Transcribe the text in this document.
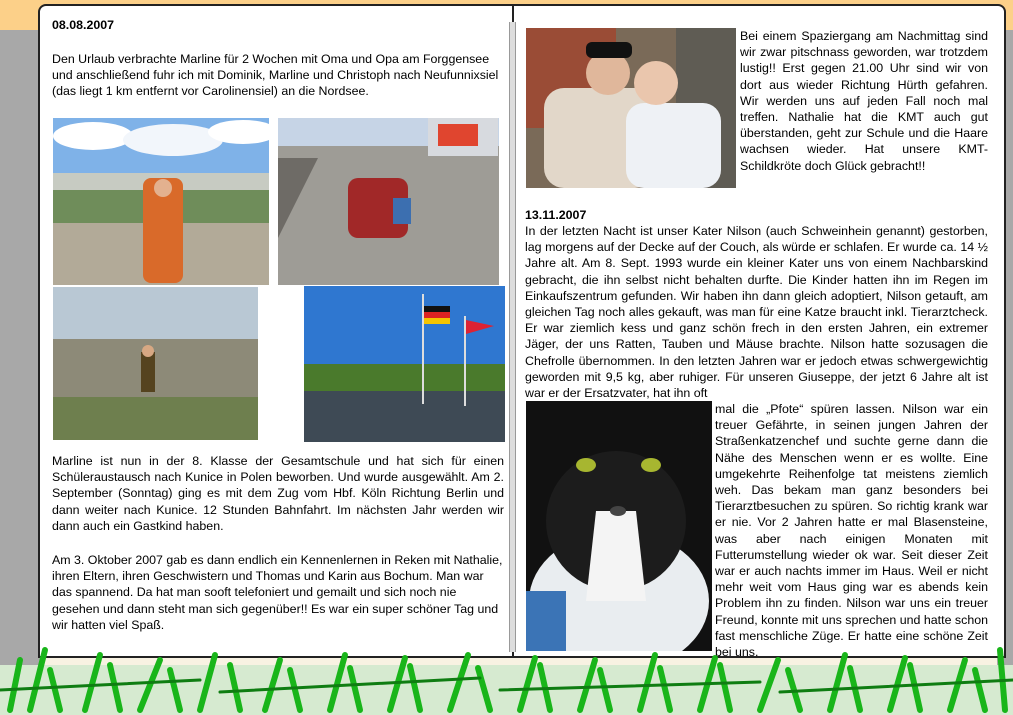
08.08.2007
Den Urlaub verbrachte Marline für 2 Wochen mit Oma und Opa am Forggensee und anschließend fuhr ich mit Dominik, Marline und Christoph nach Neufunnixsiel (das liegt 1 km entfernt vor Carolinensiel) an die Nordsee.
Marline ist nun in der 8. Klasse der Gesamtschule und hat sich für einen Schüleraustausch nach Kunice in Polen beworben. Und wurde ausgewählt. Am 2. September (Sonntag) ging es mit dem Zug vom Hbf. Köln Richtung Berlin und dann weiter nach Kunice. 12 Stunden Bahnfahrt. Im nächsten Jahr werden wir dann auch ein Gastkind haben.
Am 3. Oktober 2007 gab es dann endlich ein Kennenlernen in Reken mit Nathalie, ihren Eltern, ihren Geschwistern und Thomas und Karin aus Bochum. Man war das spannend. Da hat man sooft telefoniert und gemailt und sich noch nie gesehen und dann steht man sich gegenüber!! Es war ein super schöner Tag und wir hatten viel Spaß.
Bei einem Spaziergang am Nachmittag sind wir zwar pitschnass geworden, war trotzdem lustig!! Erst gegen 21.00 Uhr sind wir von dort aus wieder Richtung Hürth gefahren. Wir werden uns auf jeden Fall noch mal treffen. Nathalie hat die KMT auch gut überstanden, geht zur Schule und die Haare wachsen wieder. Hat unsere KMT-Schildkröte doch Glück gebracht!!
13.11.2007
In der letzten Nacht ist unser Kater Nilson (auch Schweinhein genannt) gestorben, lag morgens auf der Decke auf der Couch, als würde er schlafen. Er wurde ca. 14 ½ Jahre alt. Am 8. Sept. 1993 wurde ein kleiner Kater uns von einem Nachbarskind gebracht, die ihn selbst nicht behalten durfte. Die Kinder hatten ihn im Regen im Einkaufszentrum gefunden. Wir haben ihn dann gleich adoptiert, Nilson getauft, am gleichen Tag noch alles gekauft, was man für eine Katze braucht inkl. Tierarztcheck. Er war ziemlich kess und ganz schön frech in den ersten Jahren, ein extremer Jäger, der uns Ratten, Tauben und Mäuse brachte. Nilson hatte sozusagen die Chefrolle übernommen. In den letzten Jahren war er jedoch etwas schwergewichtig geworden mit 9,5 kg, aber ruhiger. Für unseren Giuseppe, der jetzt 6 Jahre alt ist war er der Ersatzvater, hat ihn oft
mal die „Pfote“ spüren lassen. Nilson war ein treuer Gefährte, in seinen jungen Jahren der Straßenkatzenchef und suchte gerne dann die Nähe des Menschen wenn er es wollte. Eine umgekehrte Reihenfolge tat meistens ziemlich weh. Das bekam man ganz besonders bei Tierarztbesuchen zu spüren. So richtig krank war er nie. Vor 2 Jahren hatte er mal Blasensteine, was aber nach einigen Monaten mit Futterumstellung wieder ok war. Seit dieser Zeit war er auch nachts immer im Haus. Weil er nicht mehr weit vom Haus ging war es abends kein Problem ihn zu finden. Nilson war uns ein treuer Freund, konnte mit uns sprechen und hatte schon fast menschliche Züge. Er hatte eine schöne Zeit bei uns.
